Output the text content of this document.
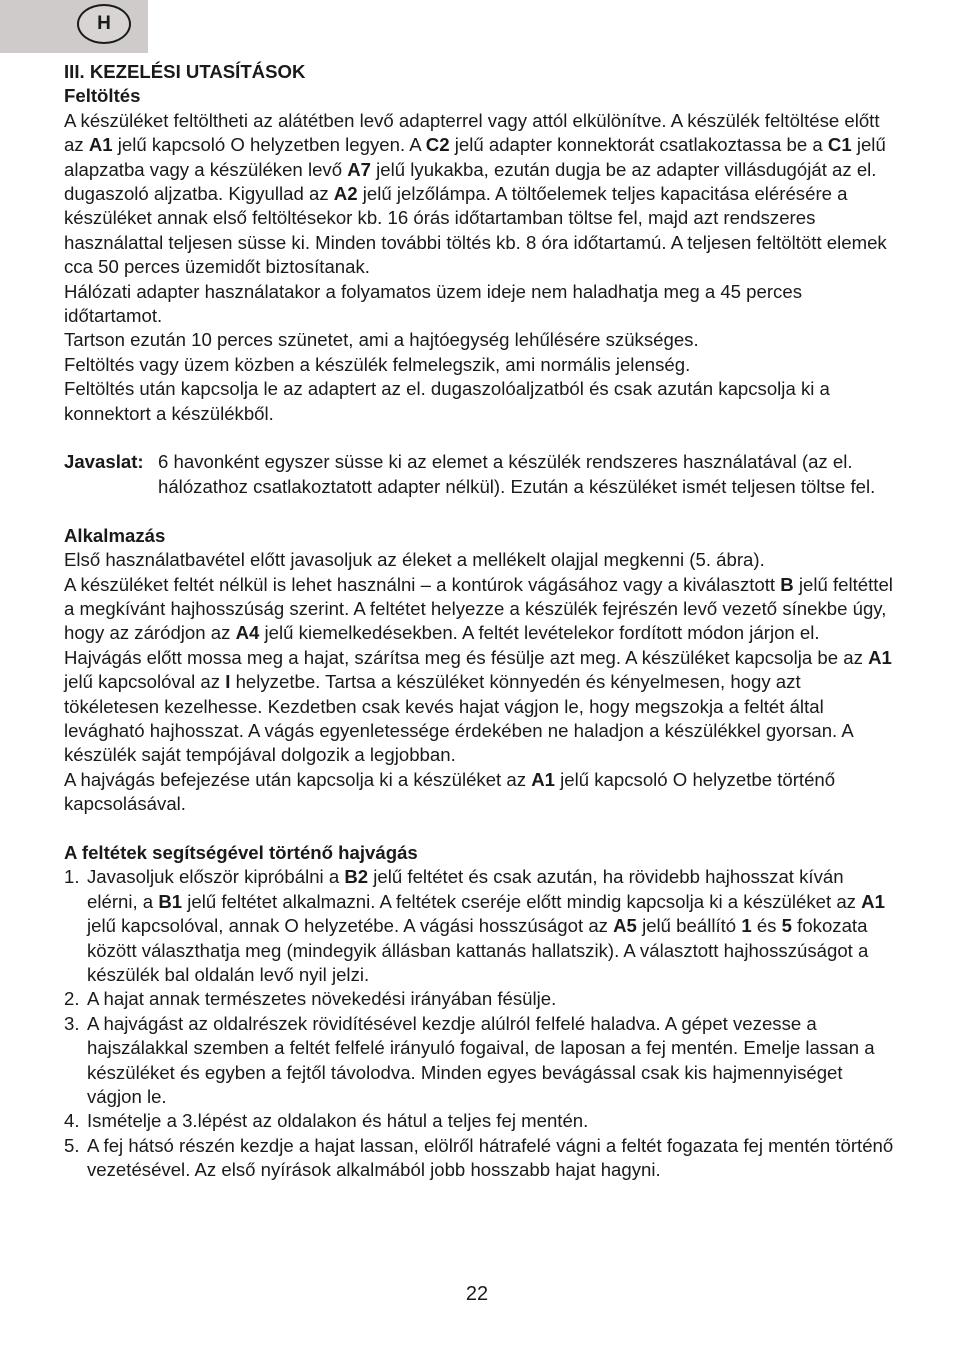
H

III. KEZELÉSI UTASÍTÁSOK

Feltöltés

A készüléket feltöltheti az alátétben levő adapterrel vagy attól elkülönítve. A készülék feltöltése előtt az A1 jelű kapcsoló O helyzetben legyen. A C2 jelű adapter konnektorát csatlakoztassa be a C1 jelű alapzatba vagy a készüléken levő A7 jelű lyukakba, ezután dugja be az adapter villásdugóját az el. dugaszoló aljzatba. Kigyullad az A2 jelű jelzőlámpa. A töltőelemek teljes kapacitása elérésére a készüléket annak első feltöltésekor kb. 16 órás időtartamban töltse fel, majd azt rendszeres használattal teljesen süsse ki. Minden további töltés kb. 8 óra időtartamú. A teljesen feltöltött elemek cca 50 perces üzemidőt biztosítanak.

Hálózati adapter használatakor a folyamatos üzem ideje nem haladhatja meg a 45 perces időtartamot.

Tartson ezután 10 perces szünetet, ami a hajtóegység lehűlésére szükséges.

Feltöltés vagy üzem közben a készülék felmelegszik, ami normális jelenség.

Feltöltés után kapcsolja le az adaptert az el. dugaszolóaljzatból és csak azután kapcsolja ki a konnektort a készülékből.

Javaslat: 6 havonként egyszer süsse ki az elemet a készülék rendszeres használatával (az el. hálózathoz csatlakoztatott adapter nélkül). Ezután a készüléket ismét teljesen töltse fel.

Alkalmazás

Első használatbavétel előtt javasoljuk az éleket a mellékelt olajjal megkenni (5. ábra).

A készüléket feltét nélkül is lehet használni – a kontúrok vágásához vagy a kiválasztott B jelű feltéttel a megkívánt hajhosszúság szerint. A feltétet helyezze a készülék fejrészén levő vezető sínekbe úgy, hogy az záródjon az A4 jelű kiemelkedésekben. A feltét levételekor fordított módon járjon el.

Hajvágás előtt mossa meg a hajat, szárítsa meg és fésülje azt meg. A készüléket kapcsolja be az A1 jelű kapcsolóval az I helyzetbe. Tartsa a készüléket könnyedén és kényelmesen, hogy azt tökéletesen kezelhesse. Kezdetben csak kevés hajat vágjon le, hogy megszokja a feltét által levágható hajhosszat. A vágás egyenletessége érdekében ne haladjon a készülékkel gyorsan. A készülék saját tempójával dolgozik a legjobban.

A hajvágás befejezése után kapcsolja ki a készüléket az A1 jelű kapcsoló O helyzetbe történő kapcsolásával.

A feltétek segítségével történő hajvágás

1. Javasoljuk először kipróbálni a B2 jelű feltétet és csak azután, ha rövidebb hajhosszat kíván elérni, a B1 jelű feltétet alkalmazni. A feltétek cseréje előtt mindig kapcsolja ki a készüléket az A1 jelű kapcsolóval, annak O helyzetébe. A vágási hosszúságot az A5 jelű beállító 1 és 5 fokozata között választhatja meg (mindegyik állásban kattanás hallatszik). A választott hajhosszúságot a készülék bal oldalán levő nyil jelzi.
2. A hajat annak természetes növekedési irányában fésülje.
3. A hajvágást az oldalrészek rövidítésével kezdje alúlról felfelé haladva. A gépet vezesse a hajszálakkal szemben a feltét felfelé irányuló fogaival, de laposan a fej mentén. Emelje lassan a készüléket és egyben a fejtől távolodva. Minden egyes bevágással csak kis hajmennyiséget vágjon le.
4. Ismételje a 3.lépést az oldalakon és hátul a teljes fej mentén.
5. A fej hátsó részén kezdje a hajat lassan, elölről hátrafelé vágni a feltét fogazata fej mentén történő vezetésével. Az első nyírások alkalmából jobb hosszabb hajat hagyni.
22
